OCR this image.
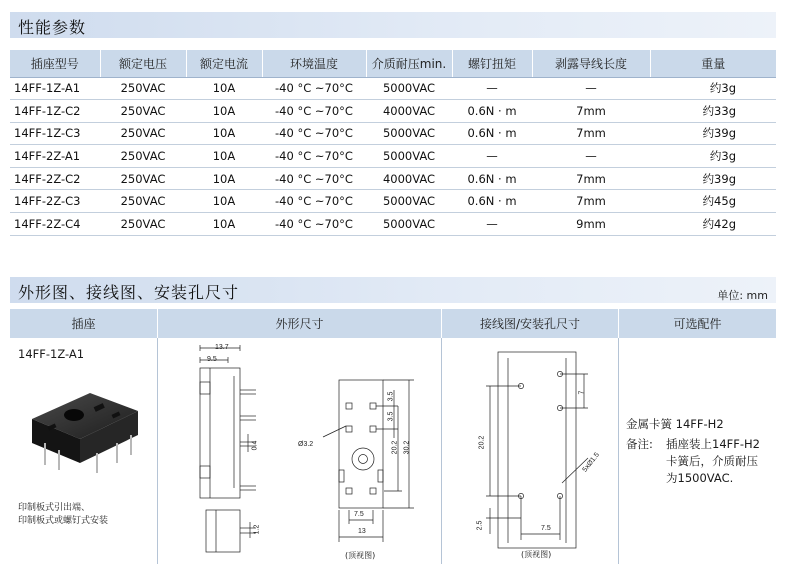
性能参数
插座型号	额定电压	额定电流	环境温度	介质耐压min.	螺钉扭矩	剥露导线长度	重量
14FF-1Z-A1	250VAC	10A	-40 °C ~70°C	5000VAC	—	—	约3g
14FF-1Z-C2	250VAC	10A	-40 °C ~70°C	4000VAC	0.6N · m	7mm	约33g
14FF-1Z-C3	250VAC	10A	-40 °C ~70°C	5000VAC	0.6N · m	7mm	约39g
14FF-2Z-A1	250VAC	10A	-40 °C ~70°C	5000VAC	—	—	约3g
14FF-2Z-C2	250VAC	10A	-40 °C ~70°C	4000VAC	0.6N · m	7mm	约39g
14FF-2Z-C3	250VAC	10A	-40 °C ~70°C	5000VAC	0.6N · m	7mm	约45g
14FF-2Z-C4	250VAC	10A	-40 °C ~70°C	5000VAC	—	9mm	约42g
外形图、接线图、安装孔尺寸	单位: mm
插座	外形尺寸	接线图/安装孔尺寸	可选配件
14FF-1Z-A1
印制板式引出端、
印制板式或螺钉式安装
13.7
9.5
0.4
1.2
Ø3.2
3.5
3.5
20.2 30.2
7.5
13
(顶视图)
7
5xØ1.5
20.2
2.5	7.5
(顶视图)
金属卡簧 14FF-H2
备注: 插座装上14FF-H2
卡簧后，介质耐压
为1500VAC.
